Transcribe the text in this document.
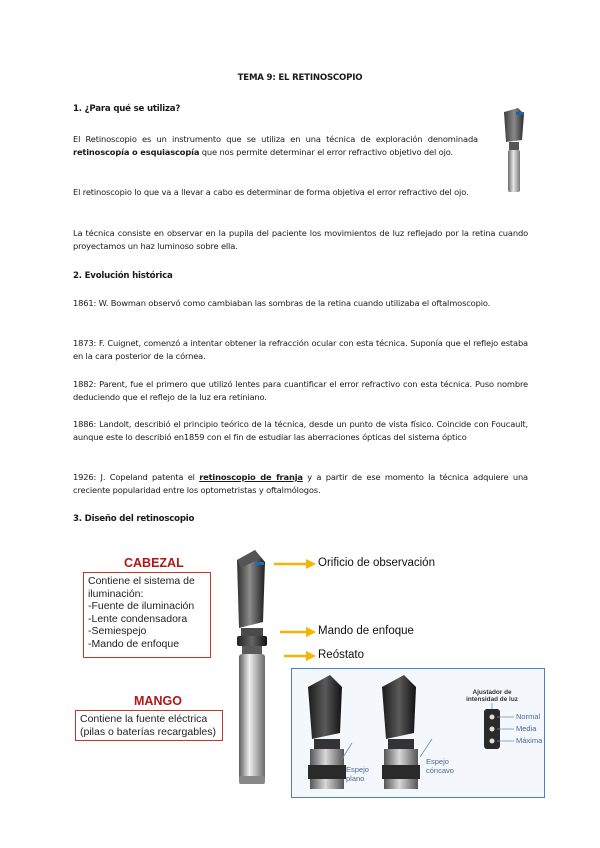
TEMA 9: EL RETINOSCOPIO
1. ¿Para qué se utiliza?
El Retinoscopio es un instrumento que se utiliza en una técnica de exploración denominada retinoscopía o esquiascopía que nos permite determinar el error refractivo objetivo del ojo.
El retinoscopio lo que va a llevar a cabo es determinar de forma objetiva el error refractivo del ojo.
La técnica consiste en observar en la pupila del paciente los movimientos de luz reflejado por la retina cuando proyectamos un haz luminoso sobre ella.
2. Evolución histórica
1861: W. Bowman observó como cambiaban las sombras de la retina cuando utilizaba el oftalmoscopio.
1873: F. Cuignet, comenzó a intentar obtener la refracción ocular con esta técnica. Suponía que el reflejo estaba en la cara posterior de la córnea.
1882: Parent, fue el primero que utilizó lentes para cuantificar el error refractivo con esta técnica. Puso nombre deduciendo que el reflejo de la luz era retiniano.
1886: Landolt, describió el principio teórico de la técnica, desde un punto de vista físico. Coincide con Foucault, aunque este lo describió en1859 con el fin de estudiar las aberraciones ópticas del sistema óptico
1926: J. Copeland patenta el retinoscopio de franja y a partir de ese momento la técnica adquiere una creciente popularidad entre los optometristas y oftalmólogos.
3. Diseño del retinoscopio
CABEZAL
Contiene el sistema de
iluminación:
-Fuente de iluminación
-Lente condensadora
-Semiespejo
-Mando de enfoque
MANGO
Contiene la fuente eléctrica
(pilas o baterías recargables)
Orificio de observación
Mando de enfoque
Reóstato
Ajustador de
intensidad de luz
Normal
Media
Máxima
Espejo
plano
Espejo
cóncavo
